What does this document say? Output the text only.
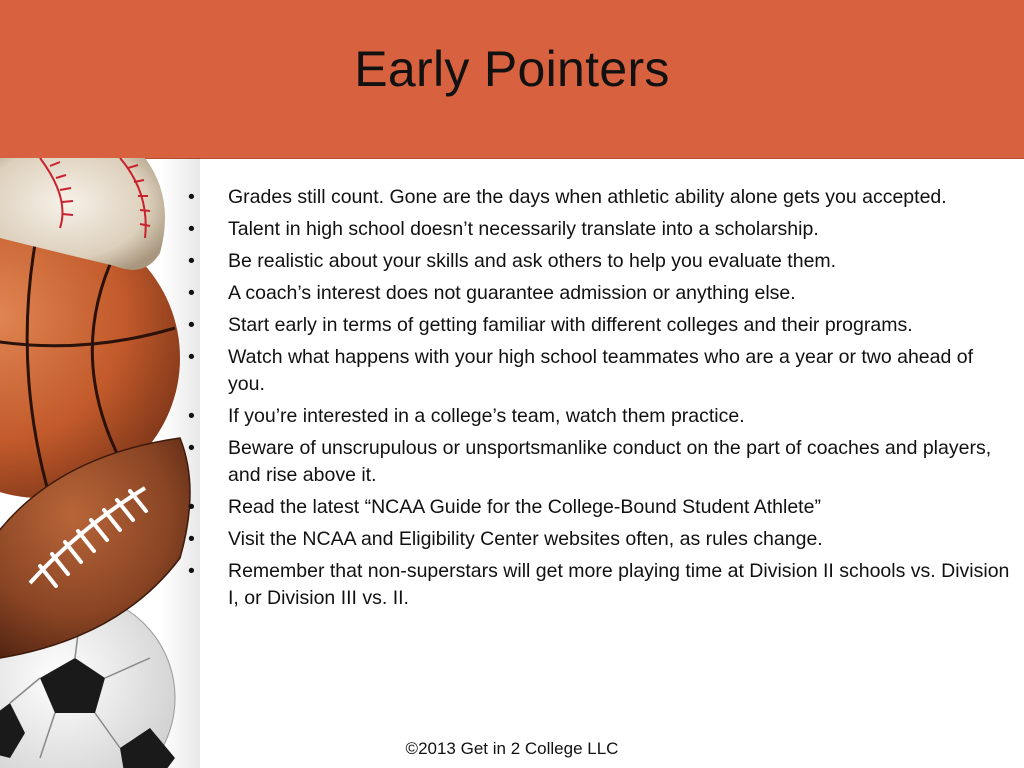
Early Pointers
•	Grades still count. Gone are the days when athletic ability alone gets you accepted.
•	Talent in high school doesn’t necessarily translate into a scholarship.
•	Be realistic about your skills and ask others to help you evaluate them.
•	A coach’s interest does not guarantee admission or anything else.
•	Start early in terms of getting familiar with different colleges and their programs.
•	Watch what happens with your high school teammates who are a year or two ahead of you.
•	If you’re interested in a college’s team, watch them practice.
•	Beware of unscrupulous or unsportsmanlike conduct on the part of coaches and players, and rise above it.
•	Read the latest “NCAA Guide for the College-Bound Student Athlete”
•	Visit the NCAA and Eligibility Center websites often, as rules change.
•	Remember that non-superstars will get more playing time at Division II schools vs. Division I, or Division III vs. II.
©2013 Get in 2 College LLC
